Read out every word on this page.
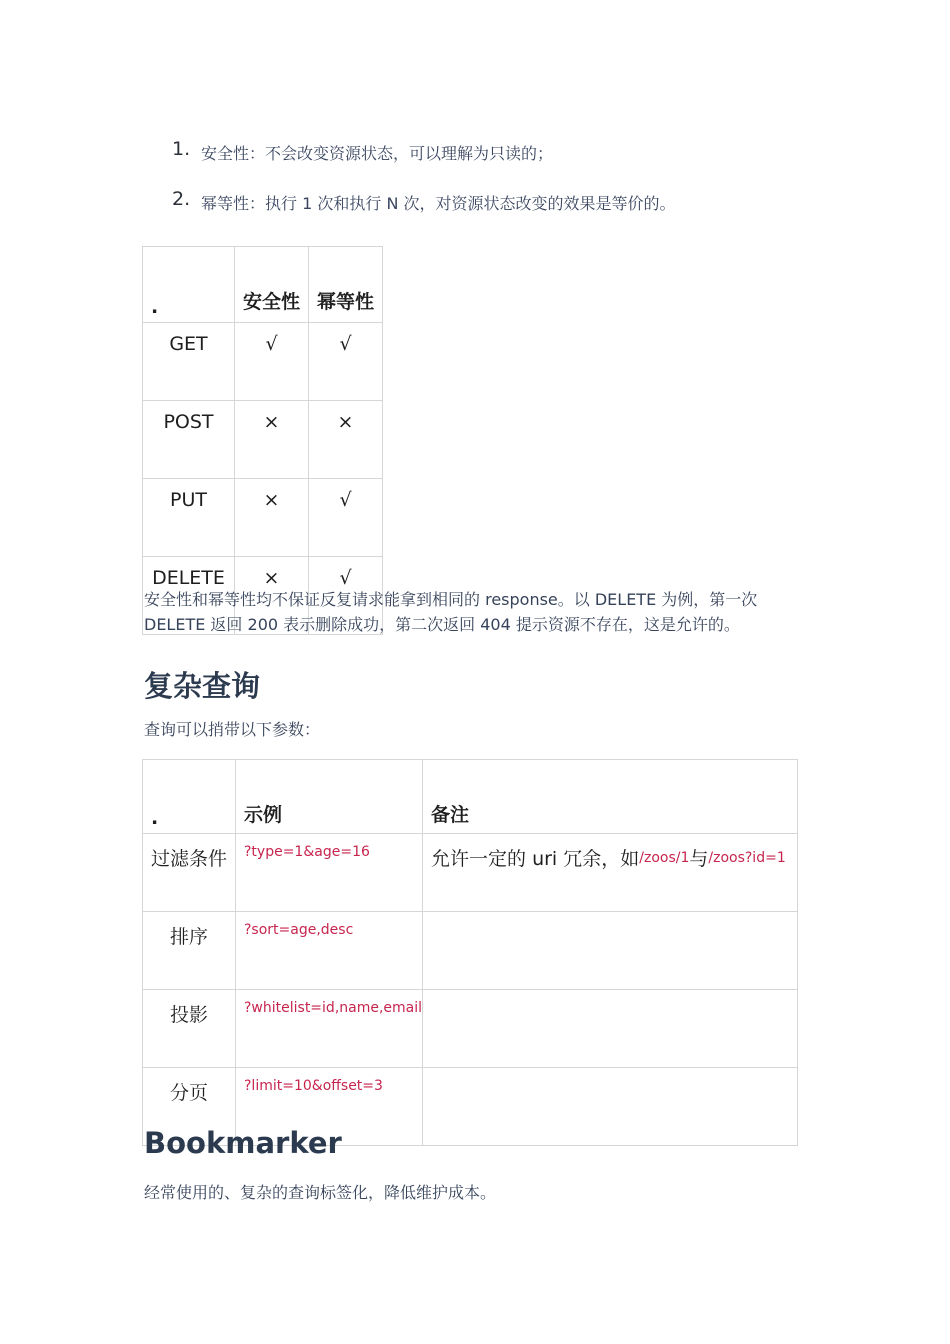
1. 安全性：不会改变资源状态，可以理解为只读的；
2. 幂等性：执行 1 次和执行 N 次，对资源状态改变的效果是等价的。
.	安全性	幂等性
GET	√	√
POST	×	×
PUT	×	√
DELETE	×	√
安全性和幂等性均不保证反复请求能拿到相同的 response。以 DELETE 为例，第一次
DELETE 返回 200 表示删除成功，第二次返回 404 提示资源不存在，这是允许的。
复杂查询
查询可以捎带以下参数：
.	示例	备注
过滤条件	?type=1&age=16	允许一定的 uri 冗余，如/zoos/1与/zoos?id=1
排序	?sort=age,desc	
投影	?whitelist=id,name,email	
分页	?limit=10&offset=3	
Bookmarker
经常使用的、复杂的查询标签化，降低维护成本。
